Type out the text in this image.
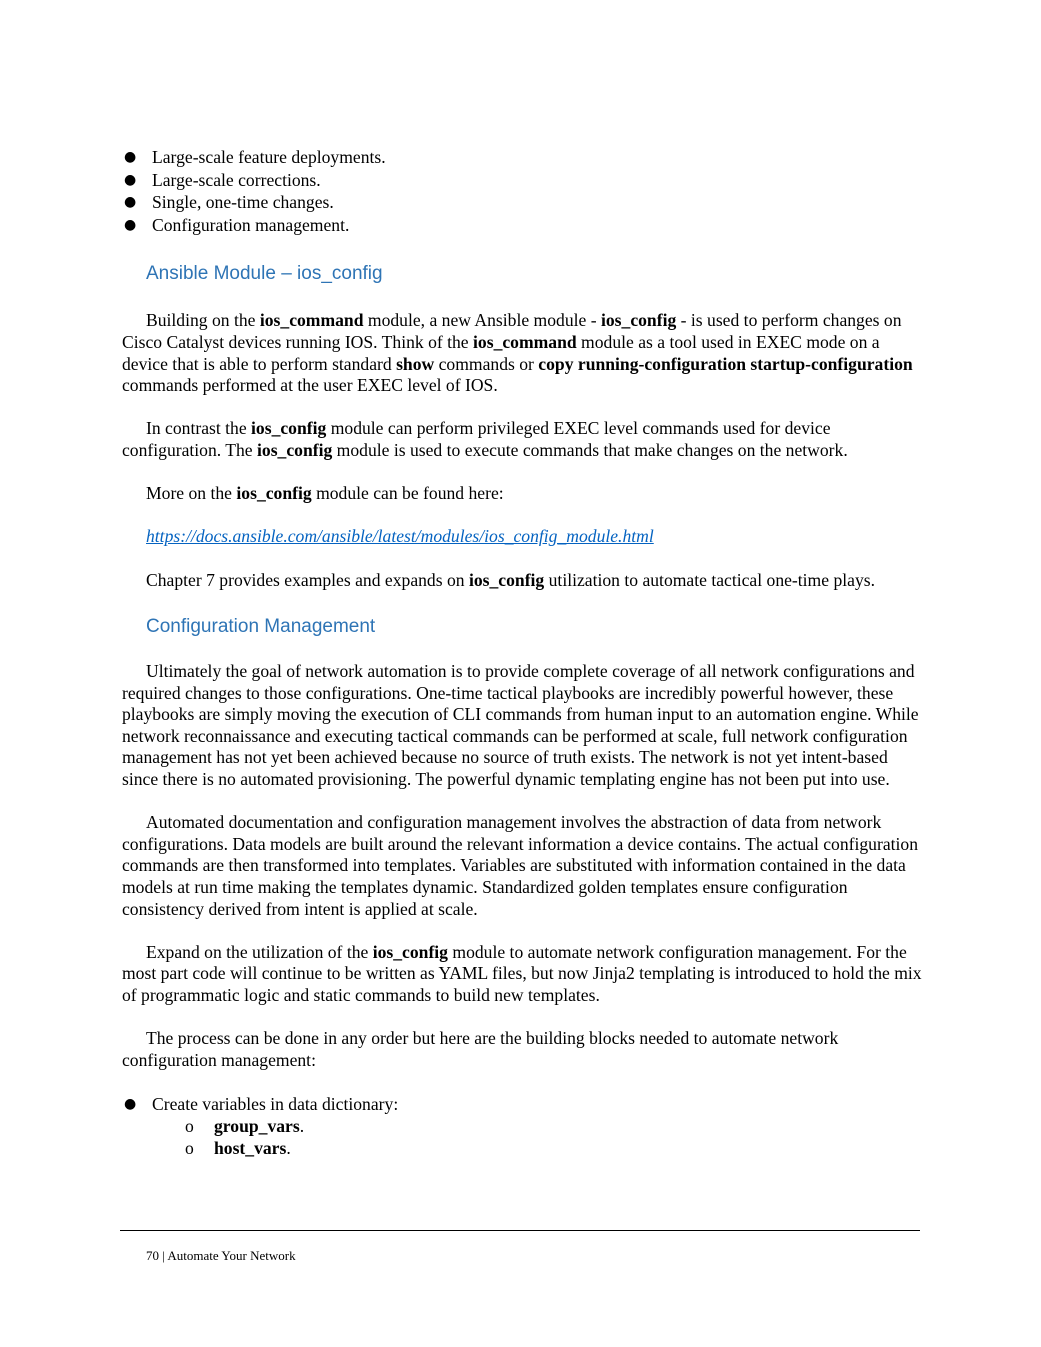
● Large-scale feature deployments.
● Large-scale corrections.
● Single, one-time changes.
● Configuration management.
Ansible Module – ios_config

Building on the ios_command module, a new Ansible module - ios_config - is used to perform changes on Cisco Catalyst devices running IOS. Think of the ios_command module as a tool used in EXEC mode on a device that is able to perform standard show commands or copy running-configuration startup-configuration commands performed at the user EXEC level of IOS.

In contrast the ios_config module can perform privileged EXEC level commands used for device configuration. The ios_config module is used to execute commands that make changes on the network.

More on the ios_config module can be found here:

https://docs.ansible.com/ansible/latest/modules/ios_config_module.html

Chapter 7 provides examples and expands on ios_config utilization to automate tactical one-time plays.

Configuration Management

Ultimately the goal of network automation is to provide complete coverage of all network configurations and required changes to those configurations. One-time tactical playbooks are incredibly powerful however, these playbooks are simply moving the execution of CLI commands from human input to an automation engine. While network reconnaissance and executing tactical commands can be performed at scale, full network configuration management has not yet been achieved because no source of truth exists. The network is not yet intent-based since there is no automated provisioning. The powerful dynamic templating engine has not been put into use.

Automated documentation and configuration management involves the abstraction of data from network configurations. Data models are built around the relevant information a device contains. The actual configuration commands are then transformed into templates. Variables are substituted with information contained in the data models at run time making the templates dynamic. Standardized golden templates ensure configuration consistency derived from intent is applied at scale.

Expand on the utilization of the ios_config module to automate network configuration management. For the most part code will continue to be written as YAML files, but now Jinja2 templating is introduced to hold the mix of programmatic logic and static commands to build new templates.

The process can be done in any order but here are the building blocks needed to automate network configuration management:

● Create variables in data dictionary:
o group_vars.
o host_vars.
70 | Automate Your Network
